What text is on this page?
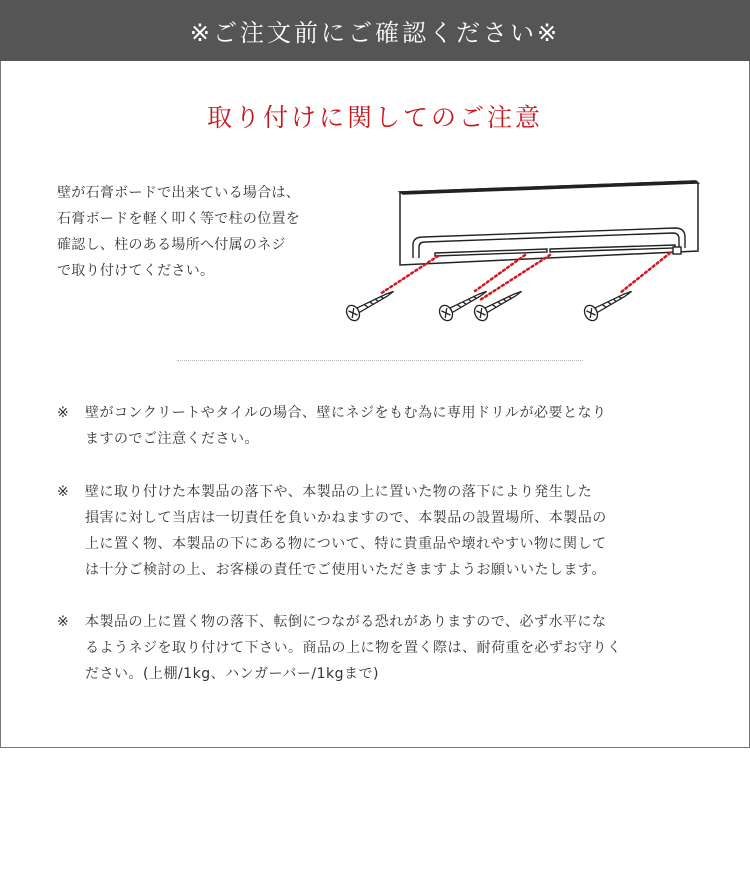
※ご注文前にご確認ください※
取り付けに関してのご注意
壁が石膏ボードで出来ている場合は、
石膏ボードを軽く叩く等で柱の位置を
確認し、柱のある場所へ付属のネジ
で取り付けてください。
※ 壁がコンクリートやタイルの場合、壁にネジをもむ為に専用ドリルが必要となり
ますのでご注意ください。
※ 壁に取り付けた本製品の落下や、本製品の上に置いた物の落下により発生した
損害に対して当店は一切責任を負いかねますので、本製品の設置場所、本製品の
上に置く物、本製品の下にある物について、特に貴重品や壊れやすい物に関して
は十分ご検討の上、お客様の責任でご使用いただきますようお願いいたします。
※ 本製品の上に置く物の落下、転倒につながる恐れがありますので、必ず水平にな
るようネジを取り付けて下さい。商品の上に物を置く際は、耐荷重を必ずお守りく
ださい。(上棚/1kg、ハンガーバー/1kgまで)
